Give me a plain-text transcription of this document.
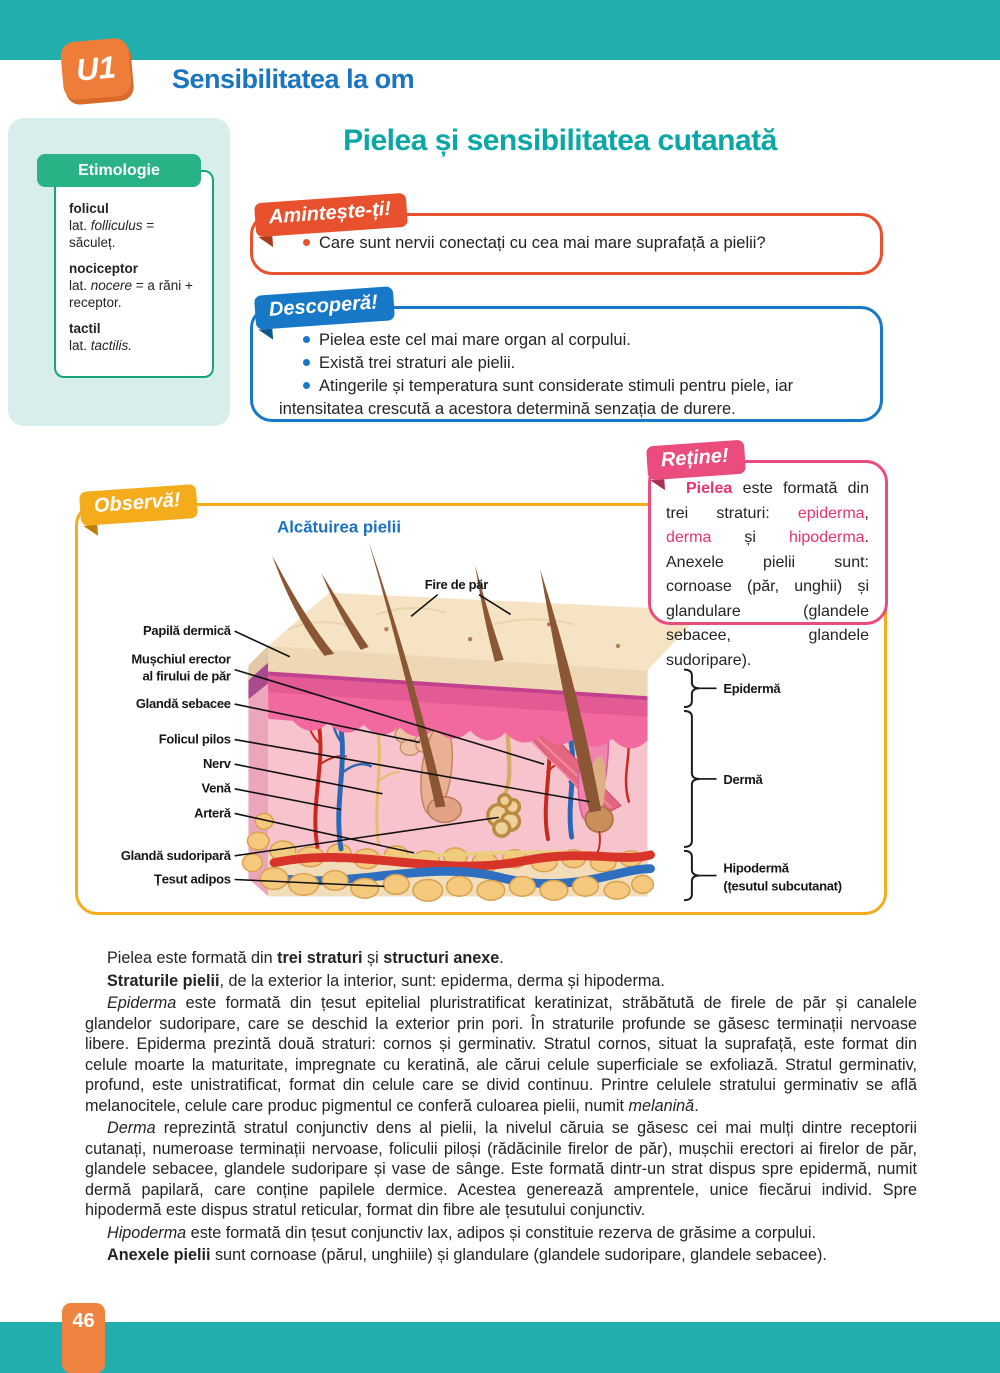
U1 Sensibilitatea la om
Pielea și sensibilitatea cutanată
Etimologie
folicul
lat. folliculus = săculeț.
nociceptor
lat. nocere = a răni + receptor.
tactil
lat. tactilis.
Amintește-ți!

Care sunt nervii conectați cu cea mai mare suprafață a pielii?

Descoperă!

Pielea este cel mai mare organ al corpului.

Există trei straturi ale pielii.

Atingerile și temperatura sunt considerate stimuli pentru piele, iar intensitatea crescută a acestora determină senzația de durere.

Observă!
Alcătuirea pielii
Fire de păr
Papilă dermică
Mușchiul erector
al firului de păr
Glandă sebacee
Folicul pilos
Nerv
Venă
Arteră
Glandă sudoripară
Țesut adipos
Epidermă
Dermă
Hipodermă
(țesutul subcutanat)
Reține!
Pielea este formată din trei straturi: epiderma, derma și hipoderma. Anexele pielii sunt: cornoase (păr, unghii) și glandulare (glandele sebacee, glandele sudoripare).

Pielea este formată din trei straturi și structuri anexe.

Straturile pielii, de la exterior la interior, sunt: epiderma, derma și hipoderma.

Epiderma este formată din țesut epitelial pluristratificat keratinizat, străbătută de firele de păr și canalele glandelor sudoripare, care se deschid la exterior prin pori. În straturile profunde se găsesc terminații nervoase libere. Epiderma prezintă două straturi: cornos și germinativ. Stratul cornos, situat la suprafață, este format din celule moarte la maturitate, impregnate cu keratină, ale cărui celule superficiale se exfoliază. Stratul germinativ, profund, este unistratificat, format din celule care se divid continuu. Printre celulele stratului germinativ se află melanocitele, celule care produc pigmentul ce conferă culoarea pielii, numit melanină.

Derma reprezintă stratul conjunctiv dens al pielii, la nivelul căruia se găsesc cei mai mulți dintre receptorii cutanați, numeroase terminații nervoase, foliculii piloși (rădăcinile firelor de păr), mușchii erectori ai firelor de păr, glandele sebacee, glandele sudoripare și vase de sânge. Este formată dintr-un strat dispus spre epidermă, numit dermă papilară, care conține papilele dermice. Acestea generează amprentele, unice fiecărui individ. Spre hipodermă este dispus stratul reticular, format din fibre ale țesutului conjunctiv.

Hipoderma este formată din țesut conjunctiv lax, adipos și constituie rezerva de grăsime a corpului.

Anexele pielii sunt cornoase (părul, unghiile) și glandulare (glandele sudoripare, glandele sebacee).

46
